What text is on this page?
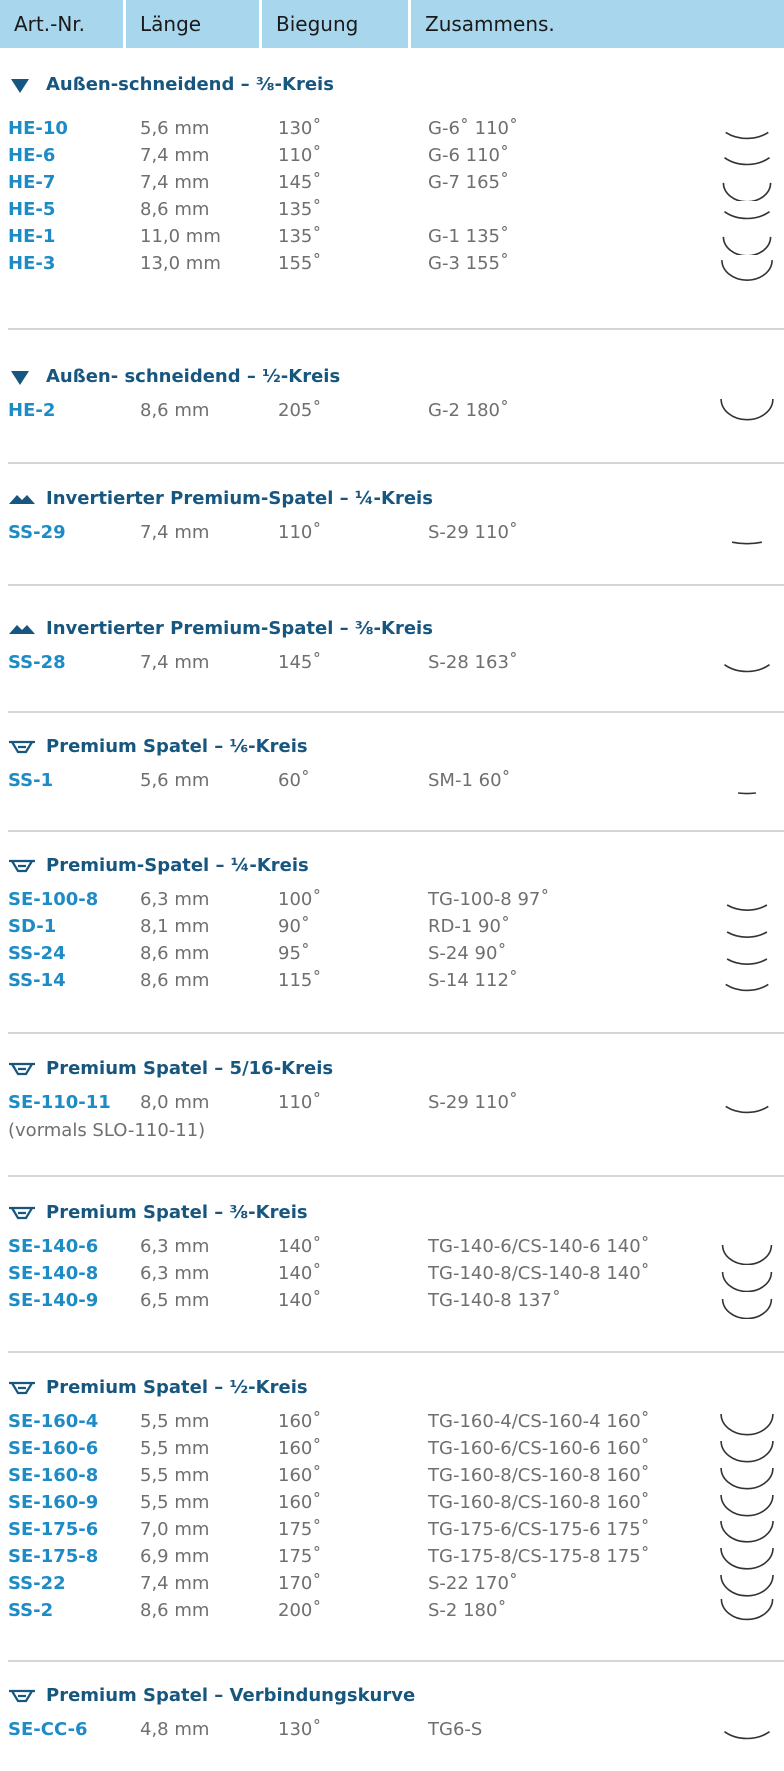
Art.-Nr.	Länge	Biegung	Zusammens.
Außen-schneidend – ⅜-Kreis
HE-10	5,6 mm	130˚	G-6˚ 110˚
HE-6	7,4 mm	110˚	G-6 110˚
HE-7	7,4 mm	145˚	G-7 165˚
HE-5	8,6 mm	135˚
HE-1	11,0 mm	135˚	G-1 135˚
HE-3	13,0 mm	155˚	G-3 155˚
Außen- schneidend – ½-Kreis
HE-2	8,6 mm	205˚	G-2 180˚
Invertierter Premium-Spatel – ¼-Kreis
SS-29	7,4 mm	110˚	S-29 110˚
Invertierter Premium-Spatel – ⅜-Kreis
SS-28	7,4 mm	145˚	S-28 163˚
Premium Spatel – ⅙-Kreis
SS-1	5,6 mm	60˚	SM-1 60˚
Premium-Spatel – ¼-Kreis
SE-100-8 6,3 mm	100˚	TG-100-8 97˚
SD-1	8,1 mm	90˚	RD-1 90˚
SS-24	8,6 mm	95˚	S-24 90˚
SS-14	8,6 mm	115˚	S-14 112˚
Premium Spatel – 5/16-Kreis
SE-110-11 8,0 mm	110˚	S-29 110˚
(vormals SLO-110-11)
Premium Spatel – ⅜-Kreis
SE-140-6 6,3 mm	140˚	TG-140-6/CS-140-6 140˚
SE-140-8 6,3 mm	140˚	TG-140-8/CS-140-8 140˚
SE-140-9 6,5 mm	140˚	TG-140-8 137˚
Premium Spatel – ½-Kreis
SE-160-4 5,5 mm	160˚	TG-160-4/CS-160-4 160˚
SE-160-6 5,5 mm	160˚	TG-160-6/CS-160-6 160˚
SE-160-8 5,5 mm	160˚	TG-160-8/CS-160-8 160˚
SE-160-9 5,5 mm	160˚	TG-160-8/CS-160-8 160˚
SE-175-6 7,0 mm	175˚	TG-175-6/CS-175-6 175˚
SE-175-8 6,9 mm	175˚	TG-175-8/CS-175-8 175˚
SS-22	7,4 mm	170˚	S-22 170˚
SS-2	8,6 mm	200˚	S-2 180˚
Premium Spatel – Verbindungskurve
SE-CC-6	4,8 mm	130˚	TG6-S
